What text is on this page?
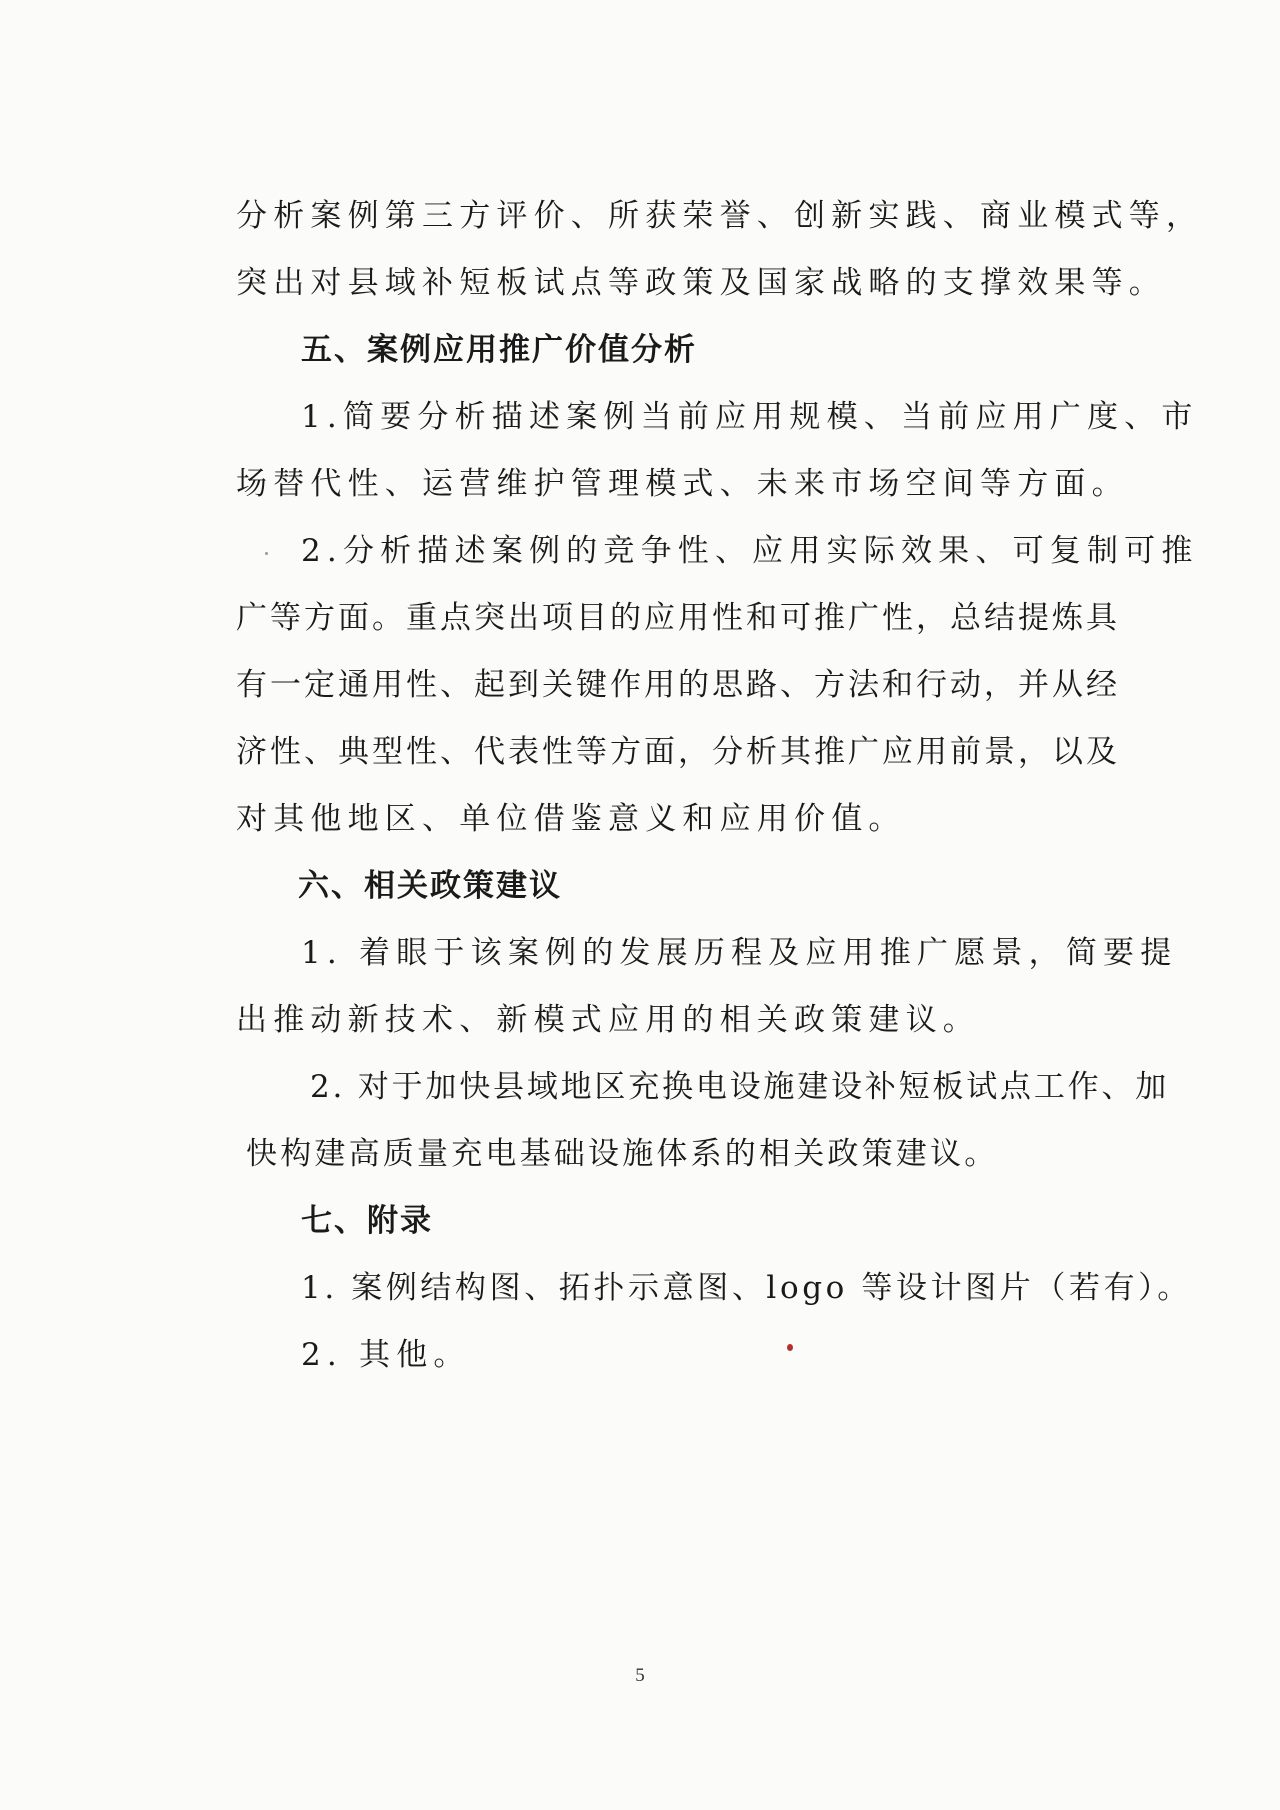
分析案例第三方评价、所获荣誉、创新实践、商业模式等，
突出对县域补短板试点等政策及国家战略的支撑效果等。
五、案例应用推广价值分析
1.简要分析描述案例当前应用规模、当前应用广度、市
场替代性、运营维护管理模式、未来市场空间等方面。
2.分析描述案例的竞争性、应用实际效果、可复制可推
广等方面。重点突出项目的应用性和可推广性，总结提炼具
有一定通用性、起到关键作用的思路、方法和行动，并从经
济性、典型性、代表性等方面，分析其推广应用前景，以及
对其他地区、单位借鉴意义和应用价值。
六、相关政策建议
1. 着眼于该案例的发展历程及应用推广愿景，简要提
出推动新技术、新模式应用的相关政策建议。
2. 对于加快县域地区充换电设施建设补短板试点工作、加
快构建高质量充电基础设施体系的相关政策建议。
七、附录
1. 案例结构图、拓扑示意图、logo 等设计图片（若有）。
2. 其他。
5
